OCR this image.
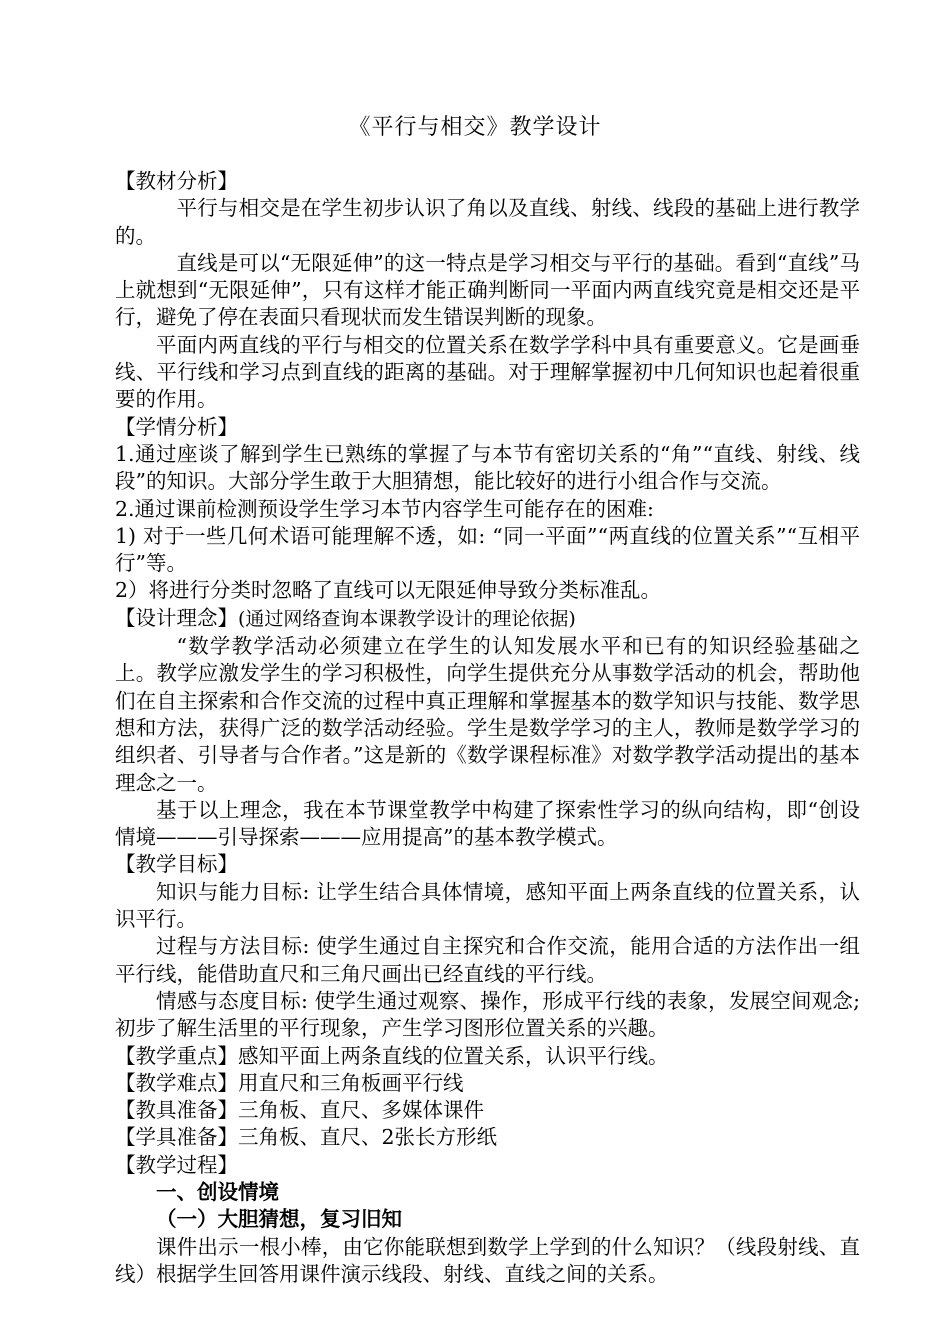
《平行与相交》教学设计

【教材分析】

平行与相交是在学生初步认识了角以及直线、射线、线段的基础上进行教学的。

直线是可以“无限延伸”的这一特点是学习相交与平行的基础。看到“直线”马上就想到“无限延伸”，只有这样才能正确判断同一平面内两直线究竟是相交还是平行，避免了停在表面只看现状而发生错误判断的现象。

平面内两直线的平行与相交的位置关系在数学学科中具有重要意义。它是画垂线、平行线和学习点到直线的距离的基础。对于理解掌握初中几何知识也起着很重要的作用。

【学情分析】

1.通过座谈了解到学生已熟练的掌握了与本节有密切关系的“角”“直线、射线、线段”的知识。大部分学生敢于大胆猜想，能比较好的进行小组合作与交流。

2.通过课前检测预设学生学习本节内容学生可能存在的困难:

1) 对于一些几何术语可能理解不透，如: “同一平面”“两直线的位置关系”“互相平行”等。

2）将进行分类时忽略了直线可以无限延伸导致分类标准乱。

【设计理念】(通过网络查询本课教学设计的理论依据)

“数学教学活动必须建立在学生的认知发展水平和已有的知识经验基础之上。教学应激发学生的学习积极性，向学生提供充分从事数学活动的机会，帮助他们在自主探索和合作交流的过程中真正理解和掌握基本的数学知识与技能、数学思想和方法，获得广泛的数学活动经验。学生是数学学习的主人，教师是数学学习的组织者、引导者与合作者。”这是新的《数学课程标准》对数学教学活动提出的基本理念之一。

基于以上理念，我在本节课堂教学中构建了探索性学习的纵向结构，即“创设情境———引导探索———应用提高”的基本教学模式。

【教学目标】

知识与能力目标: 让学生结合具体情境，感知平面上两条直线的位置关系，认识平行。

过程与方法目标: 使学生通过自主探究和合作交流，能用合适的方法作出一组平行线，能借助直尺和三角尺画出已经直线的平行线。

情感与态度目标: 使学生通过观察、操作，形成平行线的表象，发展空间观念; 初步了解生活里的平行现象，产生学习图形位置关系的兴趣。

【教学重点】感知平面上两条直线的位置关系，认识平行线。

【教学难点】用直尺和三角板画平行线

【教具准备】三角板、直尺、多媒体课件

【学具准备】三角板、直尺、2张长方形纸

【教学过程】

一、创设情境

（一）大胆猜想，复习旧知

课件出示一根小棒，由它你能联想到数学上学到的什么知识？（线段射线、直线）根据学生回答用课件演示线段、射线、直线之间的关系。
